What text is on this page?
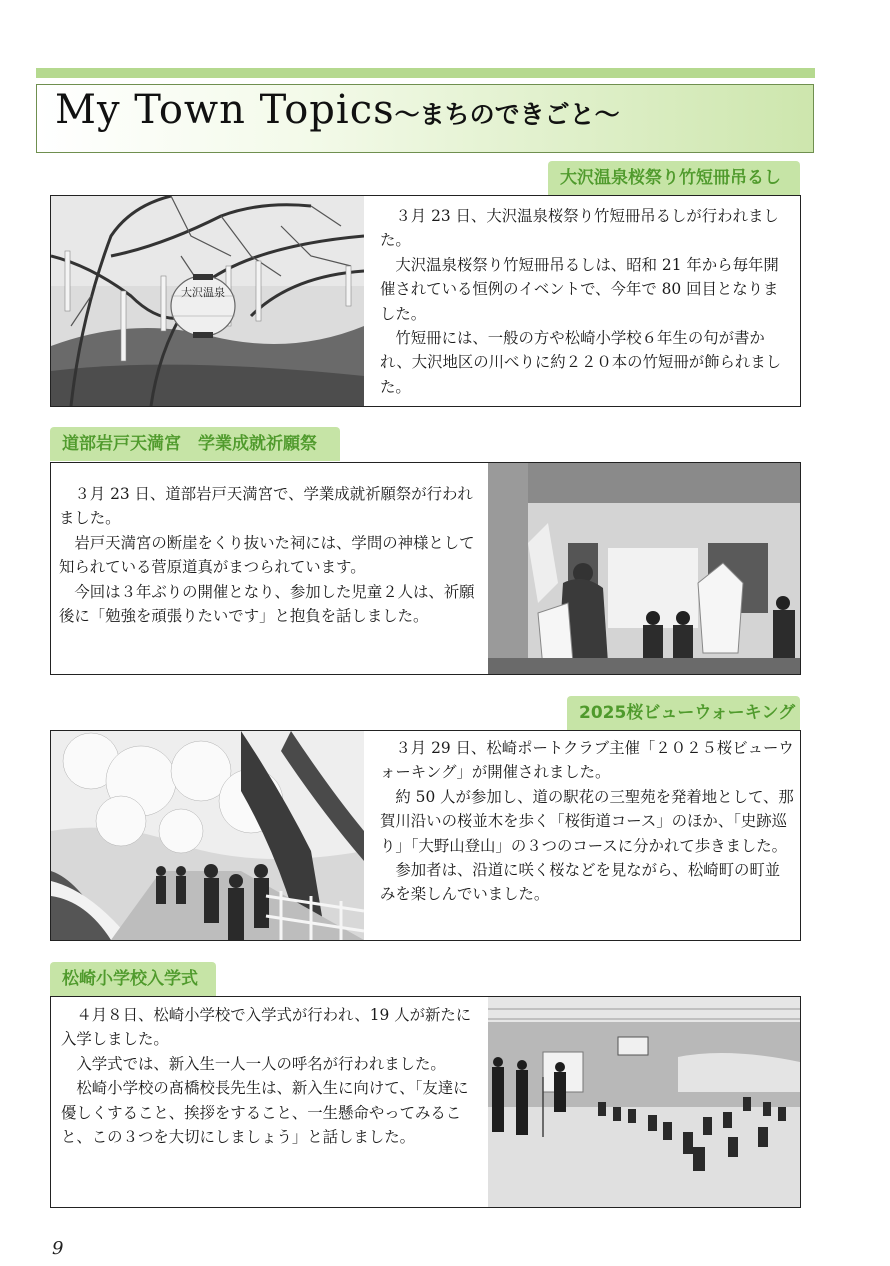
My Town Topics～まちのできごと～
大沢温泉桜祭り竹短冊吊るし
大沢温泉

３月 23 日、大沢温泉桜祭り竹短冊吊るしが行われました。

大沢温泉桜祭り竹短冊吊るしは、昭和 21 年から毎年開催されている恒例のイベントで、今年で 80 回目となりました。

竹短冊には、一般の方や松崎小学校６年生の句が書かれ、大沢地区の川べりに約２２０本の竹短冊が飾られました。

道部岩戸天満宮　学業成就祈願祭

３月 23 日、道部岩戸天満宮で、学業成就祈願祭が行われました。

岩戸天満宮の断崖をくり抜いた祠には、学問の神様として知られている菅原道真がまつられています。

今回は３年ぶりの開催となり、参加した児童２人は、祈願後に「勉強を頑張りたいです」と抱負を話しました。

2025桜ビューウォーキング

３月 29 日、松崎ポートクラブ主催「２０２５桜ビューウォーキング」が開催されました。

約 50 人が参加し、道の駅花の三聖苑を発着地として、那賀川沿いの桜並木を歩く「桜街道コース」のほか、「史跡巡り」「大野山登山」の３つのコースに分かれて歩きました。

参加者は、沿道に咲く桜などを見ながら、松崎町の町並みを楽しんでいました。

松崎小学校入学式

４月８日、松崎小学校で入学式が行われ、19 人が新たに入学しました。

入学式では、新入生一人一人の呼名が行われました。

松崎小学校の髙橋校長先生は、新入生に向けて、「友達に優しくすること、挨拶をすること、一生懸命やってみること、この３つを大切にしましょう」と話しました。

9
